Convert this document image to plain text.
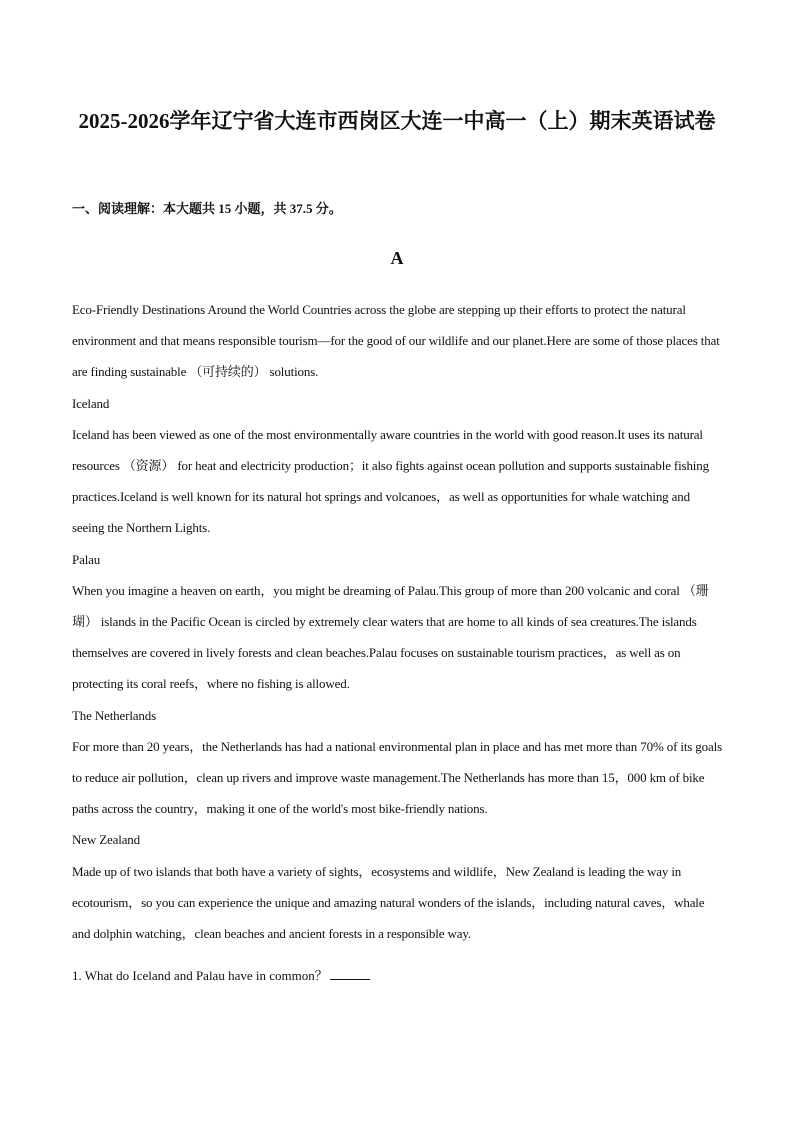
2025-2026学年辽宁省大连市西岗区大连一中高一（上）期末英语试卷

一、阅读理解：本大题共 15 小题，共 37.5 分。

A

Eco-Friendly Destinations Around the World Countries across the globe are stepping up their efforts to protect the natural environment and that means responsible tourism—for the good of our wildlife and our planet.Here are some of those places that are finding sustainable （可持续的） solutions.

Iceland

Iceland has been viewed as one of the most environmentally aware countries in the world with good reason.It uses its natural resources （资源） for heat and electricity production；it also fights against ocean pollution and supports sustainable fishing practices.Iceland is well known for its natural hot springs and volcanoes，as well as opportunities for whale watching and seeing the Northern Lights.

Palau

When you imagine a heaven on earth，you might be dreaming of Palau.This group of more than 200 volcanic and coral （珊瑚） islands in the Pacific Ocean is circled by extremely clear waters that are home to all kinds of sea creatures.The islands themselves are covered in lively forests and clean beaches.Palau focuses on sustainable tourism practices，as well as on protecting its coral reefs，where no fishing is allowed.

The Netherlands

For more than 20 years，the Netherlands has had a national environmental plan in place and has met more than 70% of its goals to reduce air pollution，clean up rivers and improve waste management.The Netherlands has more than 15，000 km of bike paths across the country，making it one of the world's most bike-friendly nations.

New Zealand

Made up of two islands that both have a variety of sights，ecosystems and wildlife，New Zealand is leading the way in ecotourism，so you can experience the unique and amazing natural wonders of the islands，including natural caves，whale and dolphin watching，clean beaches and ancient forests in a responsible way.

1. What do Iceland and Palau have in common？
